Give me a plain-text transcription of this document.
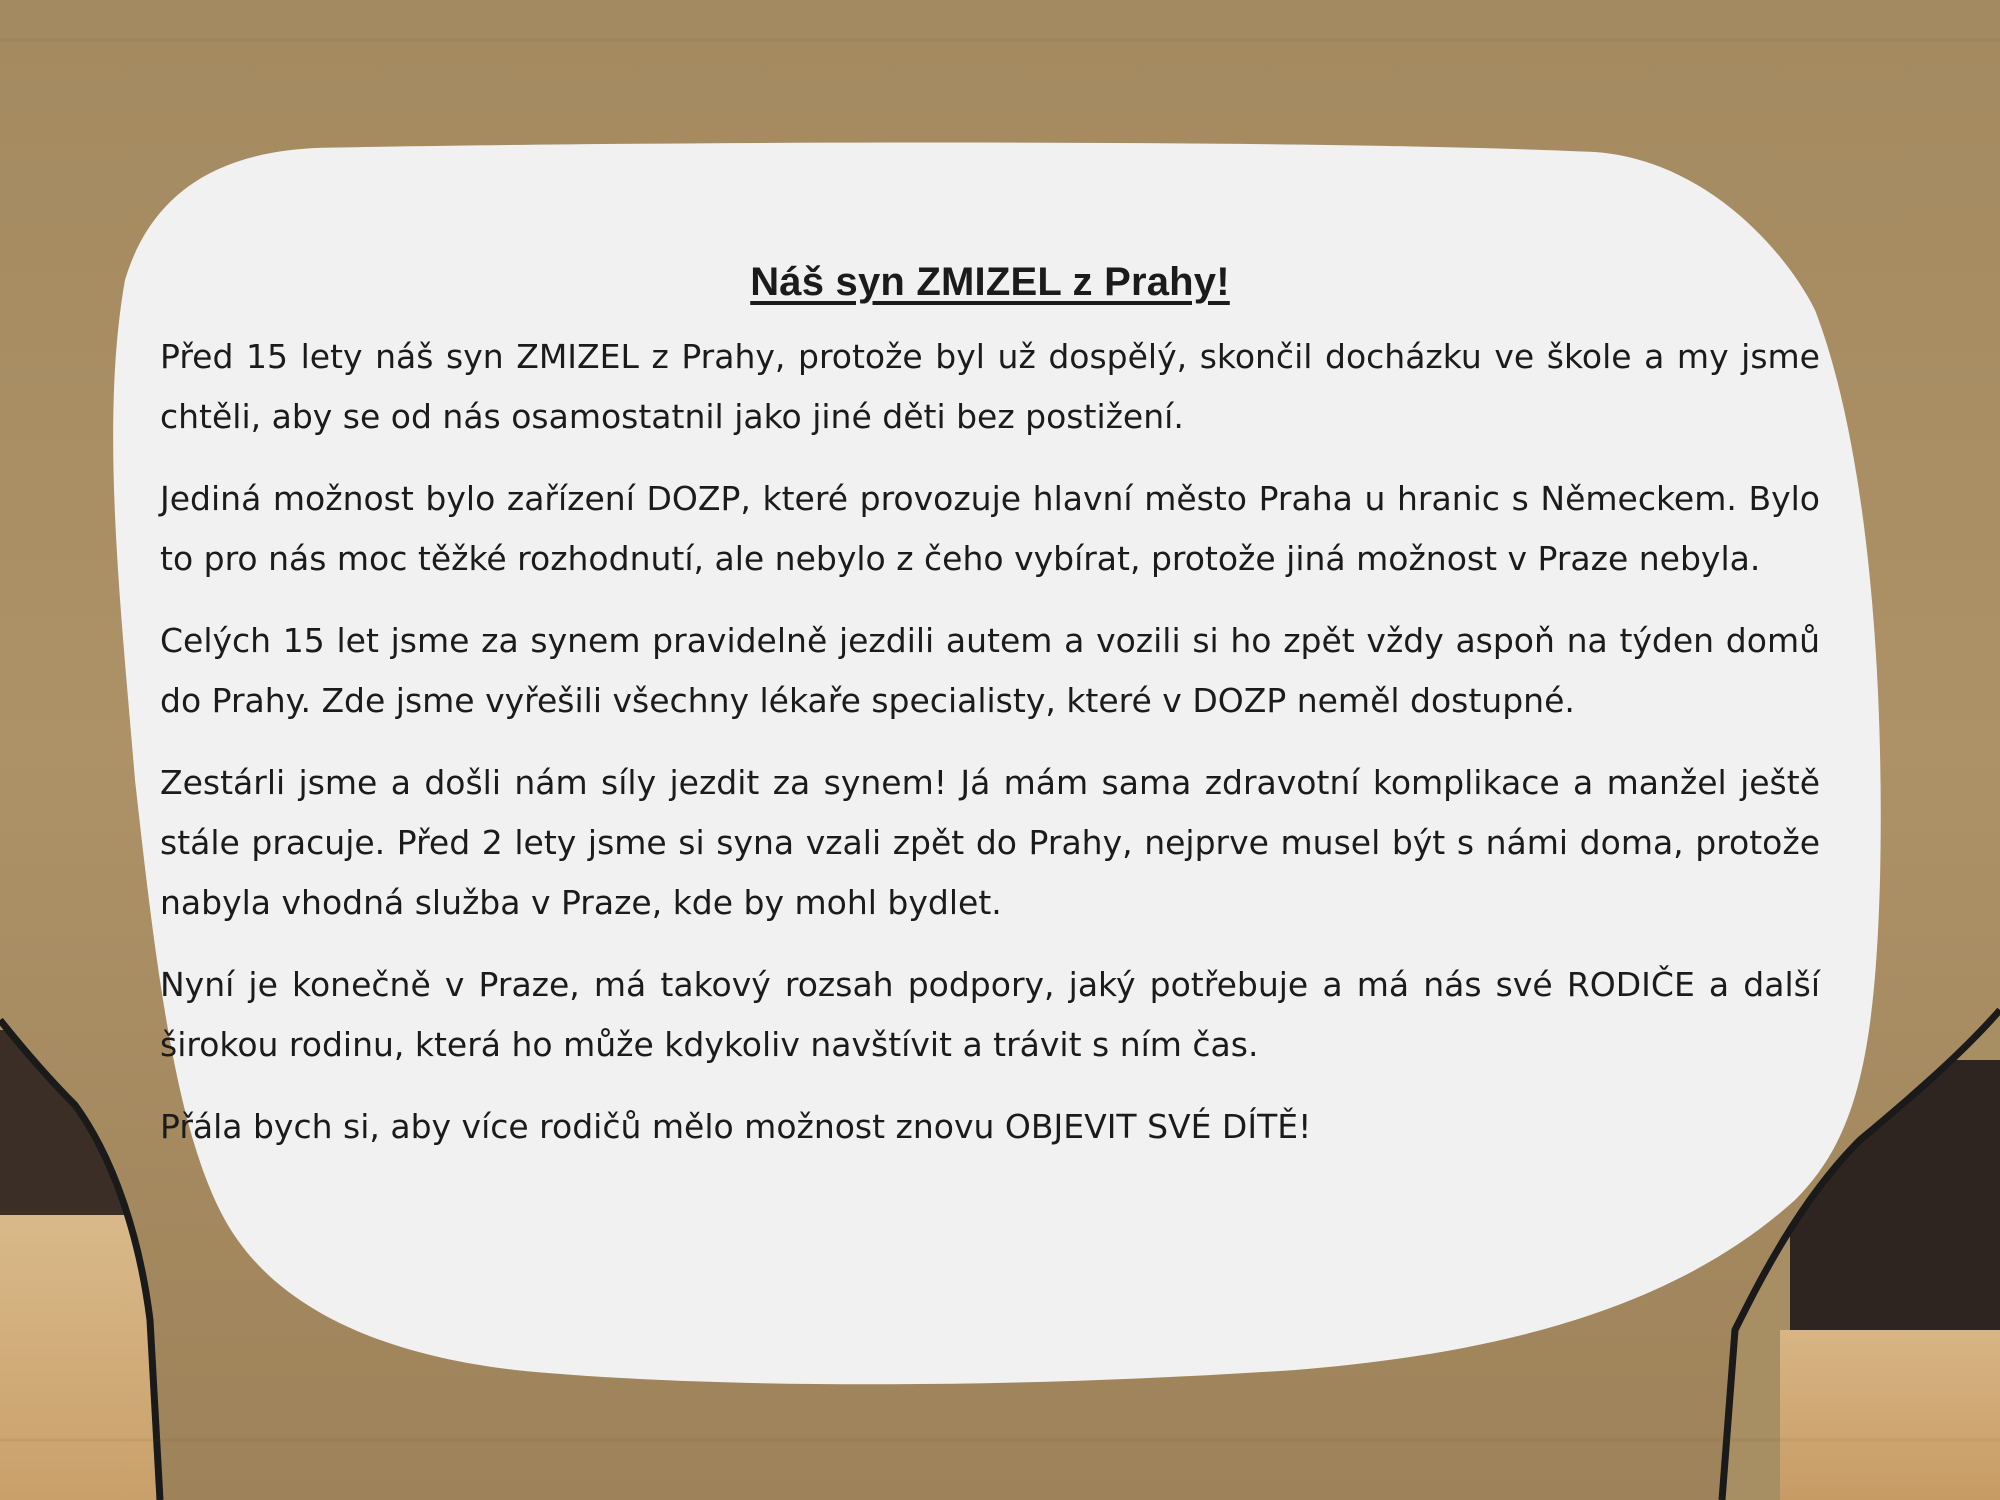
Náš syn ZMIZEL z Prahy!

Před 15 lety náš syn ZMIZEL z Prahy, protože byl už dospělý, skončil docházku ve škole a my jsme chtěli, aby se od nás osamostatnil jako jiné děti bez postižení.

Jediná možnost bylo zařízení DOZP, které provozuje hlavní město Praha u hranic s Německem. Bylo to pro nás moc těžké rozhodnutí, ale nebylo z čeho vybírat, protože jiná možnost v Praze nebyla.

Celých 15 let jsme za synem pravidelně jezdili autem a vozili si ho zpět vždy aspoň na týden domů do Prahy. Zde jsme vyřešili všechny lékaře specialisty, které v DOZP neměl dostupné.

Zestárli jsme a došli nám síly jezdit za synem! Já mám sama zdravotní komplikace a manžel ještě stále pracuje. Před 2 lety jsme si syna vzali zpět do Prahy, nejprve musel být s námi doma, protože nabyla vhodná služba v Praze, kde by mohl bydlet.

Nyní je konečně v Praze, má takový rozsah podpory, jaký potřebuje a má nás své RODIČE a další širokou rodinu, která ho může kdykoliv navštívit a trávit s ním čas.

Přála bych si, aby více rodičů mělo možnost znovu OBJEVIT SVÉ DÍTĚ!
